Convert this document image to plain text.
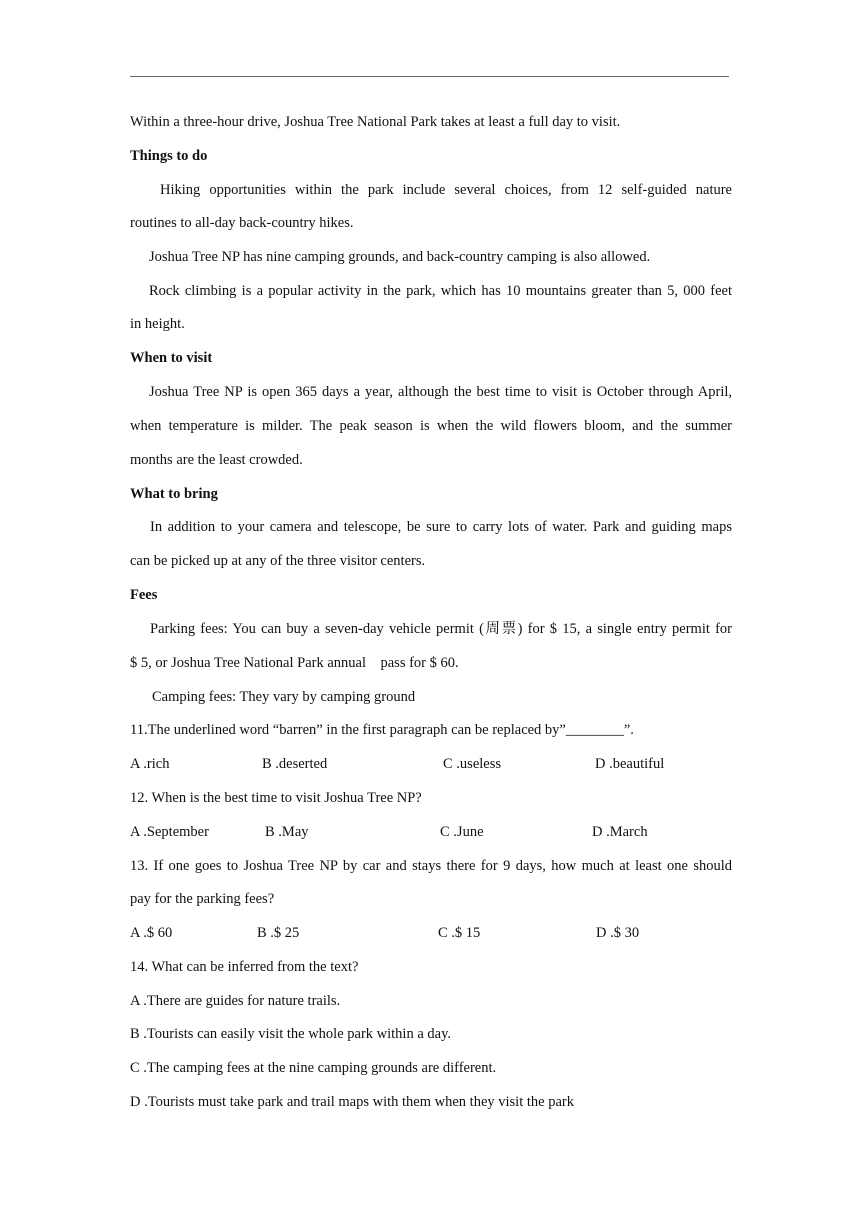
Within a three-hour drive, Joshua Tree National Park takes at least a full day to visit.
Things to do
Hiking opportunities within the park include several choices, from 12 self-guided nature
routines to all-day back-country hikes.
Joshua Tree NP has nine camping grounds, and back-country camping is also allowed.
Rock climbing is a popular activity in the park, which has 10 mountains greater than 5, 000 feet
in height.
When to visit
Joshua Tree NP is open 365 days a year, although the best time to visit is October through April,
when temperature is milder. The peak season is when the wild flowers bloom, and the summer
months are the least crowded.
What to bring
In addition to your camera and telescope, be sure to carry lots of water. Park and guiding maps
can be picked up at any of the three visitor centers.
Fees
Parking fees: You can buy a seven-day vehicle permit (周票) for $ 15, a single entry permit for
$ 5, or Joshua Tree National Park annual    pass for $ 60.
Camping fees: They vary by camping ground
11.The underlined word “barren” in the first paragraph can be replaced by”________”.
A .rich	B .deserted	C .useless	D .beautiful
12. When is the best time to visit Joshua Tree NP?
A .September	B .May	C .June	D .March
13. If one goes to Joshua Tree NP by car and stays there for 9 days, how much at least one should
pay for the parking fees?
A .$ 60	B .$ 25	C .$ 15	D .$ 30
14. What can be inferred from the text?
A .There are guides for nature trails.
B .Tourists can easily visit the whole park within a day.
C .The camping fees at the nine camping grounds are different.
D .Tourists must take park and trail maps with them when they visit the park
